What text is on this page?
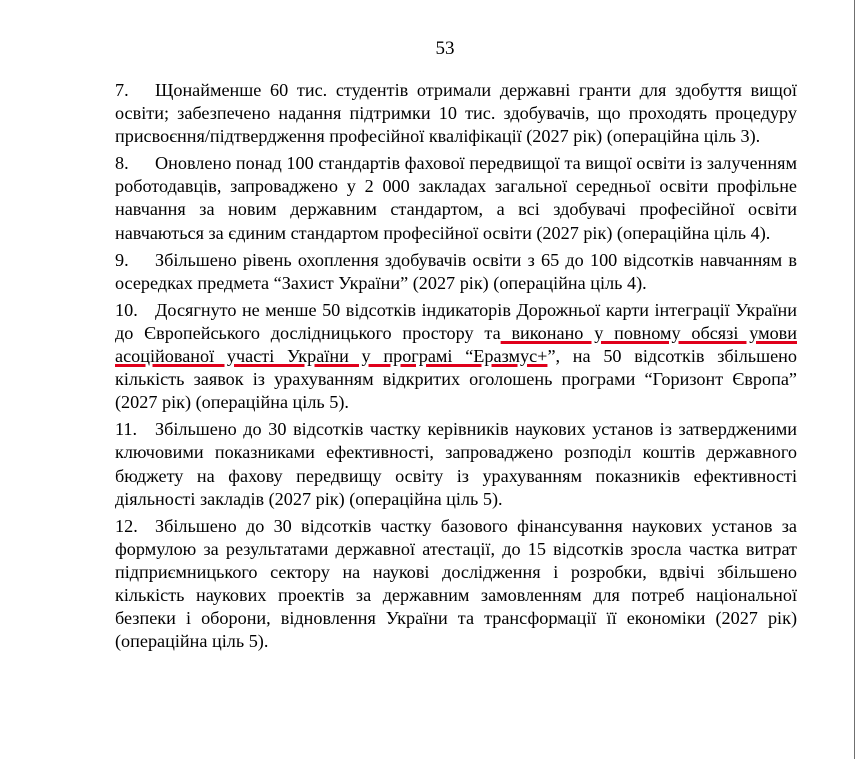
53

7. Щонайменше 60 тис. студентів отримали державні гранти для здобуття вищої освіти; забезпечено надання підтримки 10 тис. здобувачів, що проходять процедуру присвоєння/підтвердження професійної кваліфікації (2027 рік) (операційна ціль 3).

8. Оновлено понад 100 стандартів фахової передвищої та вищої освіти із залученням роботодавців, запроваджено у 2 000 закладах загальної середньої освіти профільне навчання за новим державним стандартом, а всі здобувачі професійної освіти навчаються за єдиним стандартом професійної освіти (2027 рік) (операційна ціль 4).

9. Збільшено рівень охоплення здобувачів освіти з 65 до 100 відсотків навчанням в осередках предмета “Захист України” (2027 рік) (операційна ціль 4).

10. Досягнуто не менше 50 відсотків індикаторів Дорожньої карти інтеграції України до Європейського дослідницького простору та виконано у повному обсязі умови асоційованої участі України у програмі “Еразмус+”, на 50 відсотків збільшено кількість заявок із урахуванням відкритих оголошень програми “Горизонт Європа” (2027 рік) (операційна ціль 5).

11. Збільшено до 30 відсотків частку керівників наукових установ із затвердженими ключовими показниками ефективності, запроваджено розподіл коштів державного бюджету на фахову передвищу освіту із урахуванням показників ефективності діяльності закладів (2027 рік) (операційна ціль 5).

12. Збільшено до 30 відсотків частку базового фінансування наукових установ за формулою за результатами державної атестації, до 15 відсотків зросла частка витрат підприємницького сектору на наукові дослідження і розробки, вдвічі збільшено кількість наукових проектів за державним замовленням для потреб національної безпеки і оборони, відновлення України та трансформації її економіки (2027 рік) (операційна ціль 5).
